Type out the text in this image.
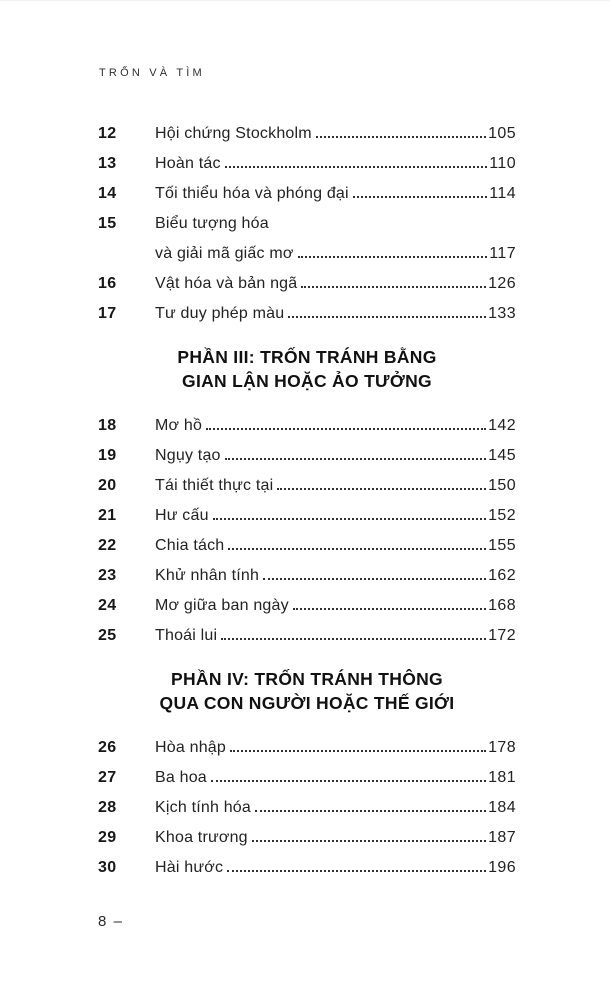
TRỐN VÀ TÌM
12	Hội chứng Stockholm	105
13	Hoàn tác	110
14	Tối thiểu hóa và phóng đại	114
15	Biểu tượng hóa
và giải mã giấc mơ	117
16	Vật hóa và bản ngã	126
17	Tư duy phép màu	133
PHẦN III: TRỐN TRÁNH BẰNG
GIAN LẬN HOẶC ẢO TƯỞNG
18	Mơ hồ	142
19	Ngụy tạo	145
20	Tái thiết thực tại	150
21	Hư cấu	152
22	Chia tách	155
23	Khử nhân tính	162
24	Mơ giữa ban ngày	168
25	Thoái lui	172
PHẦN IV: TRỐN TRÁNH THÔNG
QUA CON NGƯỜI HOẶC THẾ GIỚI
26	Hòa nhập	178
27	Ba hoa	181
28	Kịch tính hóa	184
29	Khoa trương	187
30	Hài hước	196
8 –
